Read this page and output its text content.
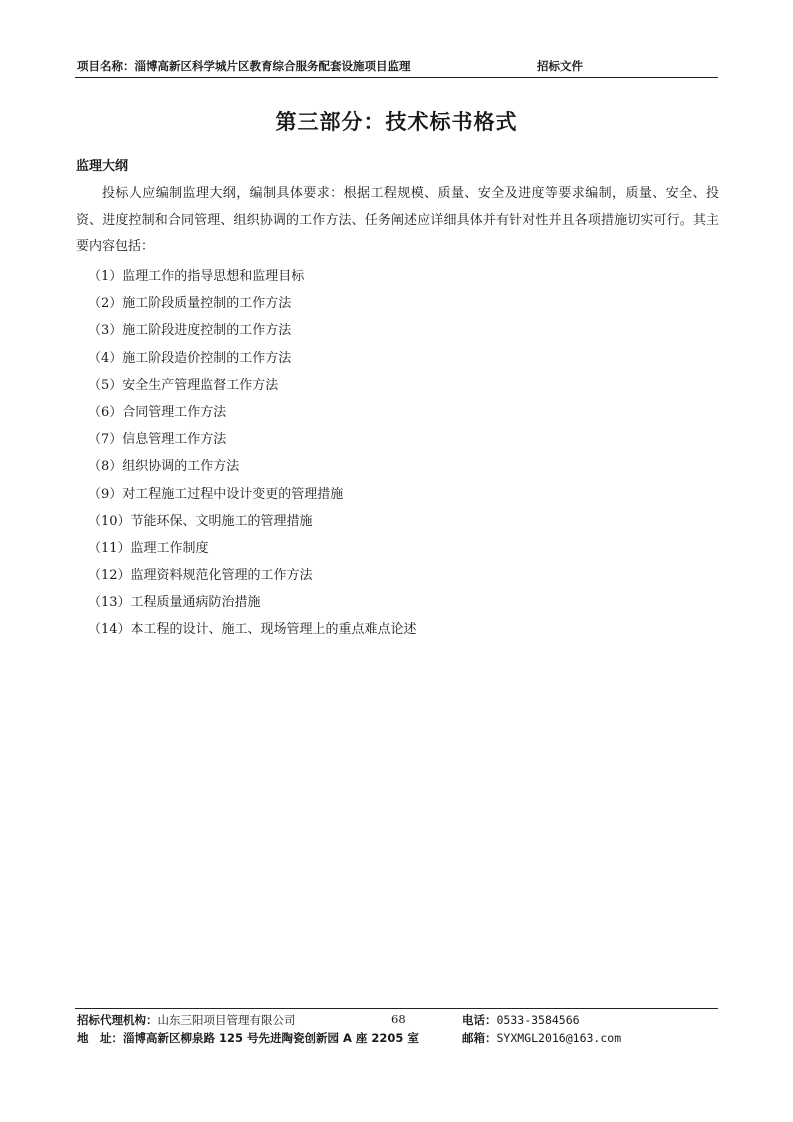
项目名称：淄博高新区科学城片区教育综合服务配套设施项目监理	招标文件
第三部分：技术标书格式
监理大纲

投标人应编制监理大纲，编制具体要求：根据工程规模、质量、安全及进度等要求编制，质量、安全、投资、进度控制和合同管理、组织协调的工作方法、任务阐述应详细具体并有针对性并且各项措施切实可行。其主要内容包括：

（1）监理工作的指导思想和监理目标
（2）施工阶段质量控制的工作方法
（3）施工阶段进度控制的工作方法
（4）施工阶段造价控制的工作方法
（5）安全生产管理监督工作方法
（6）合同管理工作方法
（7）信息管理工作方法
（8）组织协调的工作方法
（9）对工程施工过程中设计变更的管理措施
（10）节能环保、文明施工的管理措施
（11）监理工作制度
（12）监理资料规范化管理的工作方法
（13）工程质量通病防治措施
（14）本工程的设计、施工、现场管理上的重点难点论述
招标代理机构：山东三阳项目管理有限公司	68	电话：0533-3584566
地　址：淄博高新区柳泉路 125 号先进陶瓷创新园 A 座 2205 室	邮箱：SYXMGL2016@163.com
